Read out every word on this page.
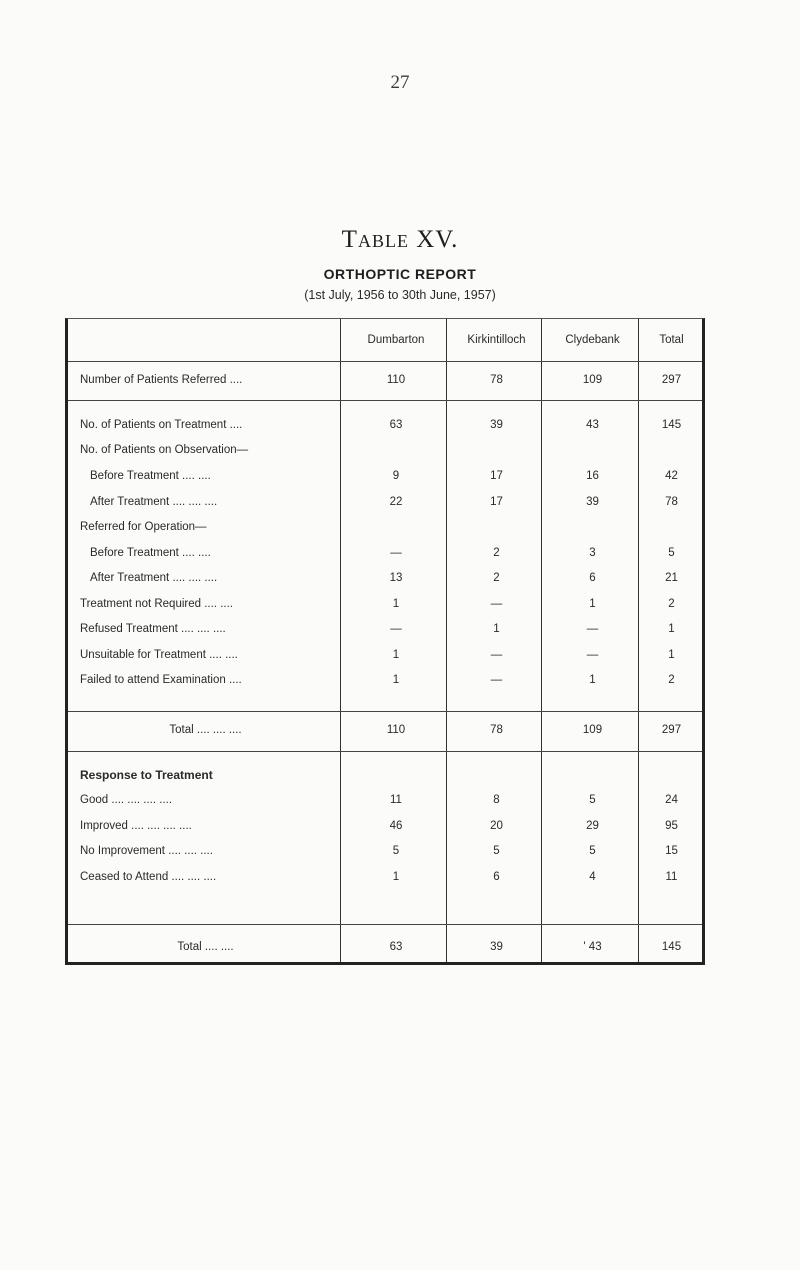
27
Table XV.
ORTHOPTIC REPORT
(1st July, 1956 to 30th June, 1957)
Dumbarton	Kirkintilloch	Clydebank	Total
Number of Patients Referred ....	110	78	109	297
No. of Patients on Treatment ....	63	39	43	145
No. of Patients on Observation—
Before Treatment .... ....	9	17	16	42
After Treatment .... .... ....	22	17	39	78
Referred for Operation—
Before Treatment .... ....	—	2	3	5
After Treatment .... .... ....	13	2	6	21
Treatment not Required .... ....	1	—	1	2
Refused Treatment .... .... ....	—	1	—	1
Unsuitable for Treatment .... ....	1	—	—	1
Failed to attend Examination ....	1	—	1	2
Total .... .... ....	110	78	109	297
Response to Treatment
Good .... .... .... ....	11	8	5	24
Improved .... .... .... ....	46	20	29	95
No Improvement .... .... ....	5	5	5	15
Ceased to Attend .... .... ....	1	6	4	11
Total .... ....	63	39	' 43	145
